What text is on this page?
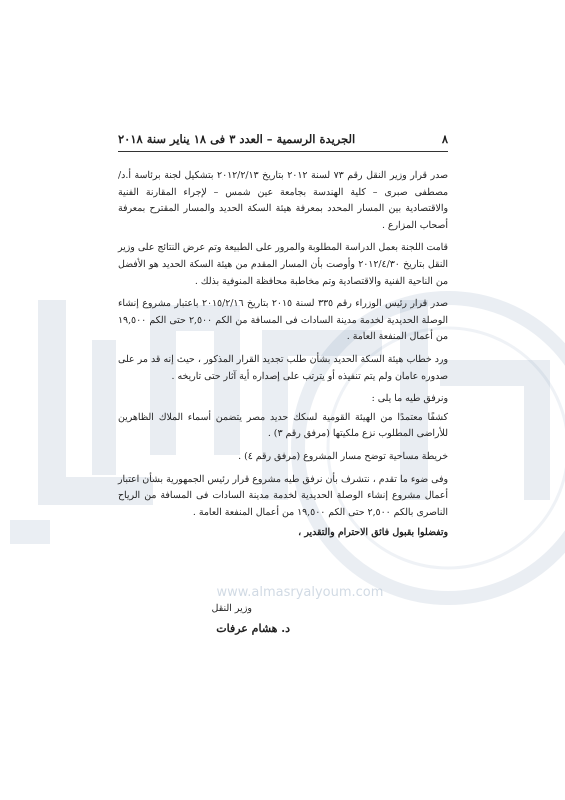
www.almasryalyoum.com
٨
الجريدة الرسمية – العدد ٣ فى ١٨ يناير سنة ٢٠١٨

صدر قرار وزير النقل رقم ٧٣ لسنة ٢٠١٢ بتاريخ ٢٠١٢/٢/١٣ بتشكيل لجنة برئاسة أ.د/ مصطفى صبرى – كلية الهندسة بجامعة عين شمس – لإجراء المقارنة الفنية والاقتصادية بين المسار المحدد بمعرفة هيئة السكة الحديد والمسار المقترح بمعرفة أصحاب المزارع .

قامت اللجنة بعمل الدراسة المطلوبة والمرور على الطبيعة وتم عرض النتائج على وزير النقل بتاريخ ٢٠١٢/٤/٣٠ وأوصت بأن المسار المقدم من هيئة السكة الحديد هو الأفضل من الناحية الفنية والاقتصادية وتم مخاطبة محافظة المنوفية بذلك .

صدر قرار رئيس الوزراء رقم ٣٣٥ لسنة ٢٠١٥ بتاريخ ٢٠١٥/٢/١٦ باعتبار مشروع إنشاء الوصلة الحديدية لخدمة مدينة السادات فى المسافة من الكم ٢,٥٠٠ حتى الكم ١٩,٥٠٠ من أعمال المنفعة العامة .

ورد خطاب هيئة السكة الحديد بشأن طلب تجديد القرار المذكور ، حيث إنه قد مر على صدوره عامان ولم يتم تنفيذه أو يترتب على إصداره أية آثار حتى تاريخه .

ونرفق طيه ما يلى :

كشفًا معتمدًا من الهيئة القومية لسكك حديد مصر يتضمن أسماء الملاك الظاهرين للأراضى المطلوب نزع ملكيتها (مرفق رقم ٣) .

خريطة مساحية توضح مسار المشروع (مرفق رقم ٤) .

وفى ضوء ما تقدم ، نتشرف بأن نرفق طيه مشروع قرار رئيس الجمهورية بشأن اعتبار أعمال مشروع إنشاء الوصلة الحديدية لخدمة مدينة السادات فى المسافة من الرياح الناصرى بالكم ٢,٥٠٠ حتى الكم ١٩,٥٠٠ من أعمال المنفعة العامة .

وتفضلوا بقبول فائق الاحترام والتقدير ،

وزير النقل
د. هشام عرفات
